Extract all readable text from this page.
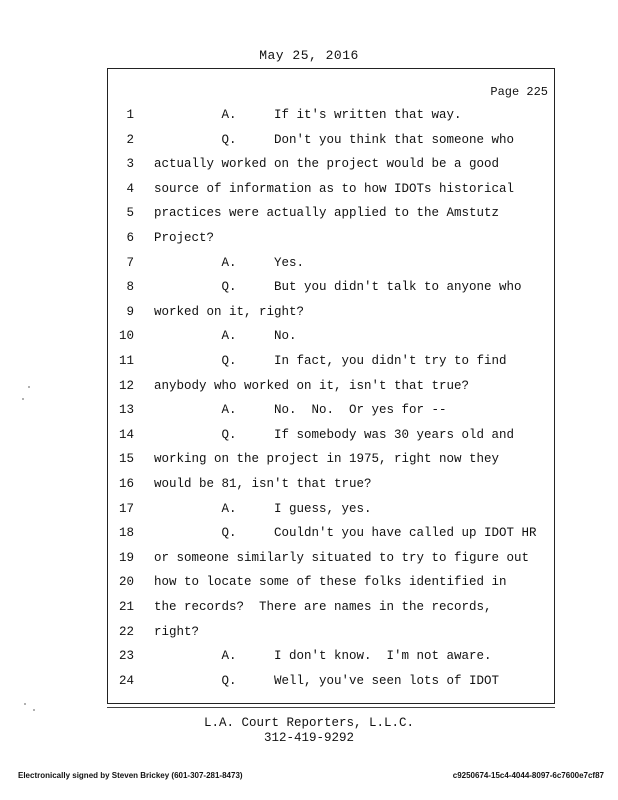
May 25, 2016
Page 225
1 A.     If it's written that way.
2 Q.     Don't you think that someone who
3 actually worked on the project would be a good
4 source of information as to how IDOTs historical
5 practices were actually applied to the Amstutz
6 Project?
7 A.     Yes.
8 Q.     But you didn't talk to anyone who
9 worked on it, right?
10 A.     No.
11 Q.     In fact, you didn't try to find
12 anybody who worked on it, isn't that true?
13 A.     No.  No.  Or yes for --
14 Q.     If somebody was 30 years old and
15 working on the project in 1975, right now they
16 would be 81, isn't that true?
17 A.     I guess, yes.
18 Q.     Couldn't you have called up IDOT HR
19 or someone similarly situated to try to figure out
20 how to locate some of these folks identified in
21 the records?  There are names in the records,
22 right?
23 A.     I don't know.  I'm not aware.
24 Q.     Well, you've seen lots of IDOT
L.A. Court Reporters, L.L.C.
312-419-9292
Electronically signed by Steven Brickey (601-307-281-8473)	c9250674-15c4-4044-8097-6c7600e7cf87
